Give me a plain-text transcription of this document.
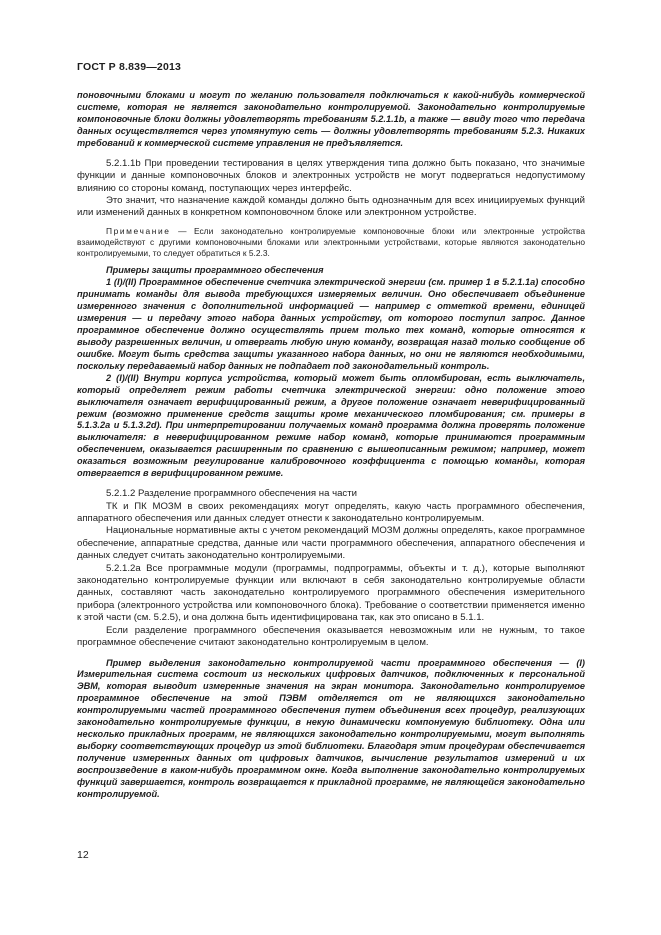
ГОСТ Р 8.839—2013

поновочными блоками и могут по желанию пользователя подключаться к какой-нибудь коммерческой системе, которая не является законодательно контролируемой. Законодательно контролируемые компоновочные блоки должны удовлетворять требованиям 5.2.1.1b, а также — ввиду того что передача данных осуществляется через упомянутую сеть — должны удовлетворять требованиям 5.2.3. Никаких требований к коммерческой системе управления не предъявляется.

5.2.1.1b При проведении тестирования в целях утверждения типа должно быть показано, что значимые функции и данные компоновочных блоков и электронных устройств не могут подвергаться недопустимому влиянию со стороны команд, поступающих через интерфейс.

Это значит, что назначение каждой команды должно быть однозначным для всех инициируемых функций или изменений данных в конкретном компоновочном блоке или электронном устройстве.

Примечание — Если законодательно контролируемые компоновочные блоки или электронные устройства взаимодействуют с другими компоновочными блоками или электронными устройствами, которые являются законодательно контролируемыми, то следует обратиться к 5.2.3.

Примеры защиты программного обеспечения

1 (I)/(II) Программное обеспечение счетчика электрической энергии (см. пример 1 в 5.2.1.1а) способно принимать команды для вывода требующихся измеряемых величин. Оно обеспечивает объединение измеренного значения с дополнительной информацией — например с отметкой времени, единицей измерения — и передачу этого набора данных устройству, от которого поступил запрос. Данное программное обеспечение должно осуществлять прием только тех команд, которые относятся к выводу разрешенных величин, и отвергать любую иную команду, возвращая назад только сообщение об ошибке. Могут быть средства защиты указанного набора данных, но они не являются необходимыми, поскольку передаваемый набор данных не подпадает под законодательный контроль.

2 (I)/(II) Внутри корпуса устройства, который может быть опломбирован, есть выключатель, который определяет режим работы счетчика электрической энергии: одно положение этого выключателя означает верифицированный режим, а другое положение означает неверифицированный режим (возможно применение средств защиты кроме механического пломбирования; см. примеры в 5.1.3.2а и 5.1.3.2d). При интерпретировании получаемых команд программа должна проверять положение выключателя: в неверифицированном режиме набор команд, которые принимаются программным обеспечением, оказывается расширенным по сравнению с вышеописанным режимом; например, может оказаться возможным регулирование калибровочного коэффициента с помощью команды, которая отвергается в верифицированном режиме.

5.2.1.2 Разделение программного обеспечения на части

ТК и ПК МОЗМ в своих рекомендациях могут определять, какую часть программного обеспечения, аппаратного обеспечения или данных следует отнести к законодательно контролируемым.

Национальные нормативные акты с учетом рекомендаций МОЗМ должны определять, какое программное обеспечение, аппаратные средства, данные или части программного обеспечения, аппаратного обеспечения и данных следует считать законодательно контролируемыми.

5.2.1.2а Все программные модули (программы, подпрограммы, объекты и т. д.), которые выполняют законодательно контролируемые функции или включают в себя законодательно контролируемые области данных, составляют часть законодательно контролируемого программного обеспечения измерительного прибора (электронного устройства или компоновочного блока). Требование о соответствии применяется именно к этой части (см. 5.2.5), и она должна быть идентифицирована так, как это описано в 5.1.1.

Если разделение программного обеспечения оказывается невозможным или не нужным, то такое программное обеспечение считают законодательно контролируемым в целом.

Пример выделения законодательно контролируемой части программного обеспечения — (I) Измерительная система состоит из нескольких цифровых датчиков, подключенных к персональной ЭВМ, которая выводит измеренные значения на экран монитора. Законодательно контролируемое программное обеспечение на этой ПЭВМ отделяется от не являющихся законодательно контролируемыми частей программного обеспечения путем объединения всех процедур, реализующих законодательно контролируемые функции, в некую динамически компонуемую библиотеку. Одна или несколько прикладных программ, не являющихся законодательно контролируемыми, могут выполнять выборку соответствующих процедур из этой библиотеки. Благодаря этим процедурам обеспечивается получение измеренных данных от цифровых датчиков, вычисление результатов измерений и их воспроизведение в каком-нибудь программном окне. Когда выполнение законодательно контролируемых функций завершается, контроль возвращается к прикладной программе, не являющейся законодательно контролируемой.

12
